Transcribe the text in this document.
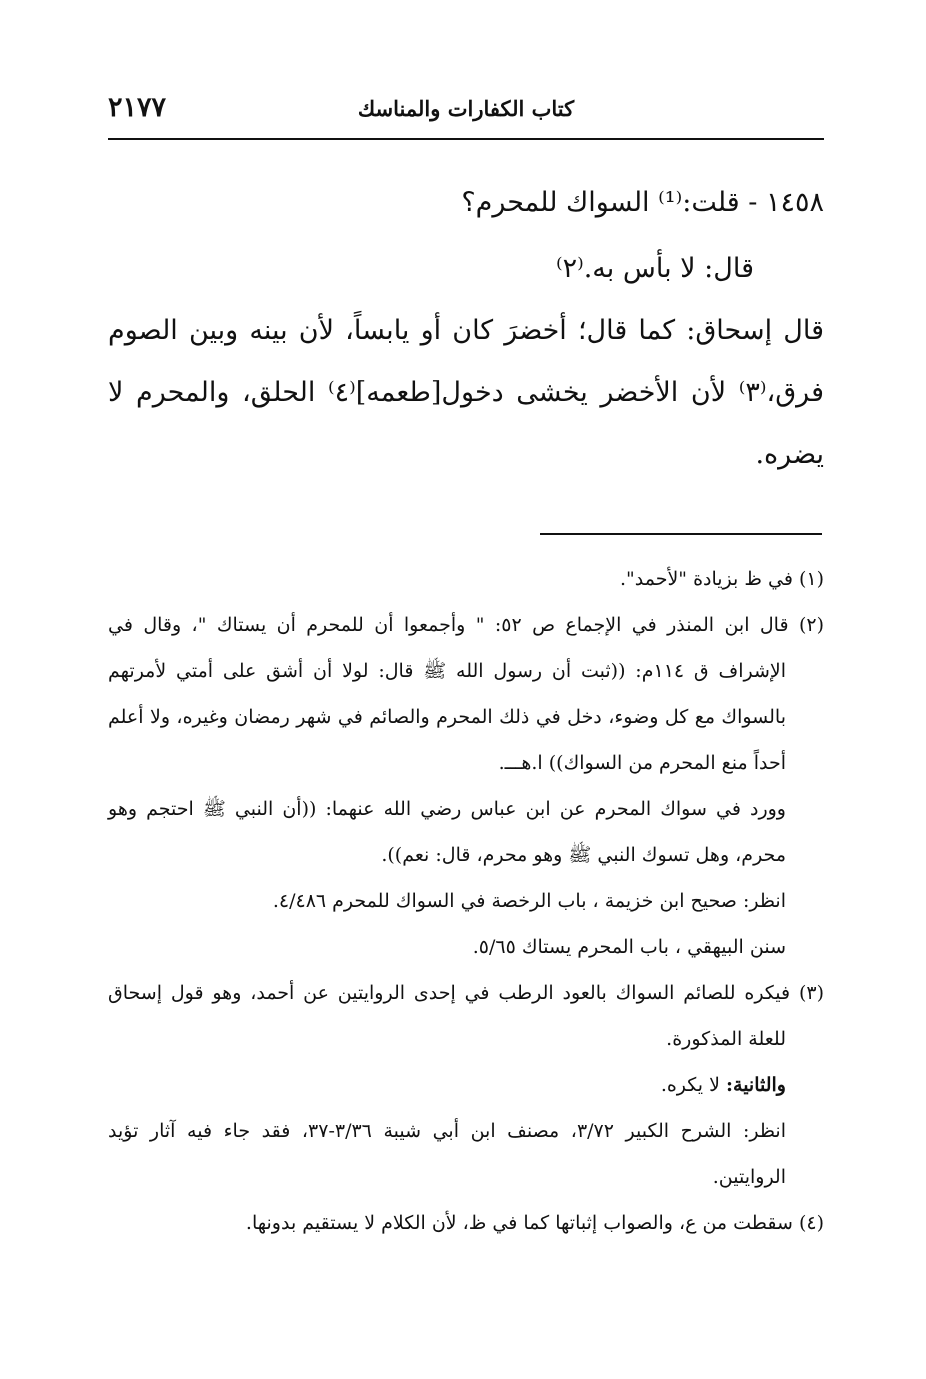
كتاب الكفارات والمناسك
٢١٧٧

١٤٥٨ - قلت:⁽¹⁾ السواك للمحرم؟

قال: لا بأس به.⁽٢⁾

قال إسحاق: كما قال؛ أخضرَ كان أو يابساً، لأن بينه وبين الصوم فرق،⁽٣⁾ لأن الأخضر يخشى دخول[طعمه]⁽٤⁾ الحلق، والمحرم لا يضره.

(١) في ظ بزيادة "لأحمد".

(٢) قال ابن المنذر في الإجماع ص ٥٢: " وأجمعوا أن للمحرم أن يستاك "، وقال في الإشراف ق ١١٤م: ((ثبت أن رسول الله ﷺ قال: لولا أن أشق على أمتي لأمرتهم بالسواك مع كل وضوء، دخل في ذلك المحرم والصائم في شهر رمضان وغيره، ولا أعلم أحداً منع المحرم من السواك)) ا.هـــ.

وورد في سواك المحرم عن ابن عباس رضي الله عنهما: ((أن النبي ﷺ احتجم وهو محرم، وهل تسوك النبي ﷺ وهو محرم، قال: نعم)).

انظر: صحيح ابن خزيمة ، باب الرخصة في السواك للمحرم ٤/٤٨٦.

سنن البيهقي ، باب المحرم يستاك ٥/٦٥.

(٣) فيكره للصائم السواك بالعود الرطب في إحدى الروايتين عن أحمد، وهو قول إسحاق للعلة المذكورة.

والثانية: لا يكره.

انظر: الشرح الكبير ٣/٧٢، مصنف ابن أبي شيبة ٣/٣٦-٣٧، فقد جاء فيه آثار تؤيد الروايتين.

(٤) سقطت من ع، والصواب إثباتها كما في ظ، لأن الكلام لا يستقيم بدونها.
